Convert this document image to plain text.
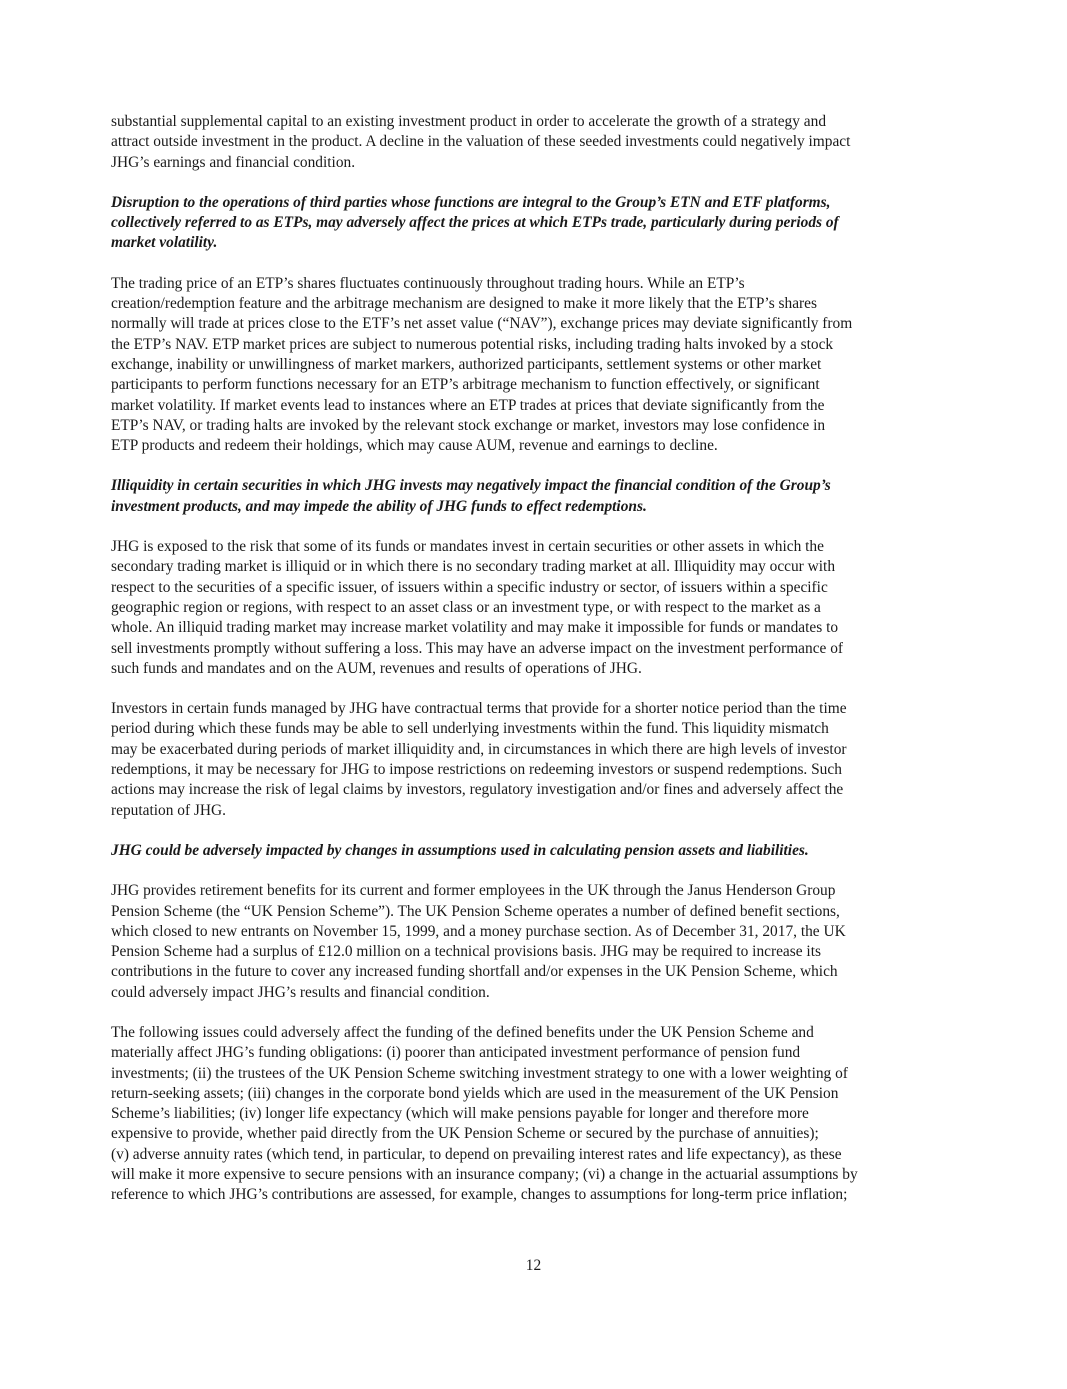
substantial supplemental capital to an existing investment product in order to accelerate the growth of a strategy and
attract outside investment in the product. A decline in the valuation of these seeded investments could negatively impact
JHG’s earnings and financial condition.

Disruption to the operations of third parties whose functions are integral to the Group’s ETN and ETF platforms,
collectively referred to as ETPs, may adversely affect the prices at which ETPs trade, particularly during periods of
market volatility.

The trading price of an ETP’s shares fluctuates continuously throughout trading hours. While an ETP’s
creation/redemption feature and the arbitrage mechanism are designed to make it more likely that the ETP’s shares
normally will trade at prices close to the ETF’s net asset value (“NAV”), exchange prices may deviate significantly from
the ETP’s NAV. ETP market prices are subject to numerous potential risks, including trading halts invoked by a stock
exchange, inability or unwillingness of market markers, authorized participants, settlement systems or other market
participants to perform functions necessary for an ETP’s arbitrage mechanism to function effectively, or significant
market volatility. If market events lead to instances where an ETP trades at prices that deviate significantly from the
ETP’s NAV, or trading halts are invoked by the relevant stock exchange or market, investors may lose confidence in
ETP products and redeem their holdings, which may cause AUM, revenue and earnings to decline.

Illiquidity in certain securities in which JHG invests may negatively impact the financial condition of the Group’s
investment products, and may impede the ability of JHG funds to effect redemptions.

JHG is exposed to the risk that some of its funds or mandates invest in certain securities or other assets in which the
secondary trading market is illiquid or in which there is no secondary trading market at all. Illiquidity may occur with
respect to the securities of a specific issuer, of issuers within a specific industry or sector, of issuers within a specific
geographic region or regions, with respect to an asset class or an investment type, or with respect to the market as a
whole. An illiquid trading market may increase market volatility and may make it impossible for funds or mandates to
sell investments promptly without suffering a loss. This may have an adverse impact on the investment performance of
such funds and mandates and on the AUM, revenues and results of operations of JHG.

Investors in certain funds managed by JHG have contractual terms that provide for a shorter notice period than the time
period during which these funds may be able to sell underlying investments within the fund. This liquidity mismatch
may be exacerbated during periods of market illiquidity and, in circumstances in which there are high levels of investor
redemptions, it may be necessary for JHG to impose restrictions on redeeming investors or suspend redemptions. Such
actions may increase the risk of legal claims by investors, regulatory investigation and/or fines and adversely affect the
reputation of JHG.

JHG could be adversely impacted by changes in assumptions used in calculating pension assets and liabilities.

JHG provides retirement benefits for its current and former employees in the UK through the Janus Henderson Group
Pension Scheme (the “UK Pension Scheme”). The UK Pension Scheme operates a number of defined benefit sections,
which closed to new entrants on November 15, 1999, and a money purchase section. As of December 31, 2017, the UK
Pension Scheme had a surplus of £12.0 million on a technical provisions basis. JHG may be required to increase its
contributions in the future to cover any increased funding shortfall and/or expenses in the UK Pension Scheme, which
could adversely impact JHG’s results and financial condition.

The following issues could adversely affect the funding of the defined benefits under the UK Pension Scheme and
materially affect JHG’s funding obligations: (i) poorer than anticipated investment performance of pension fund
investments; (ii) the trustees of the UK Pension Scheme switching investment strategy to one with a lower weighting of
return-seeking assets; (iii) changes in the corporate bond yields which are used in the measurement of the UK Pension
Scheme’s liabilities; (iv) longer life expectancy (which will make pensions payable for longer and therefore more
expensive to provide, whether paid directly from the UK Pension Scheme or secured by the purchase of annuities);
(v) adverse annuity rates (which tend, in particular, to depend on prevailing interest rates and life expectancy), as these
will make it more expensive to secure pensions with an insurance company; (vi) a change in the actuarial assumptions by
reference to which JHG’s contributions are assessed, for example, changes to assumptions for long-term price inflation;

12
